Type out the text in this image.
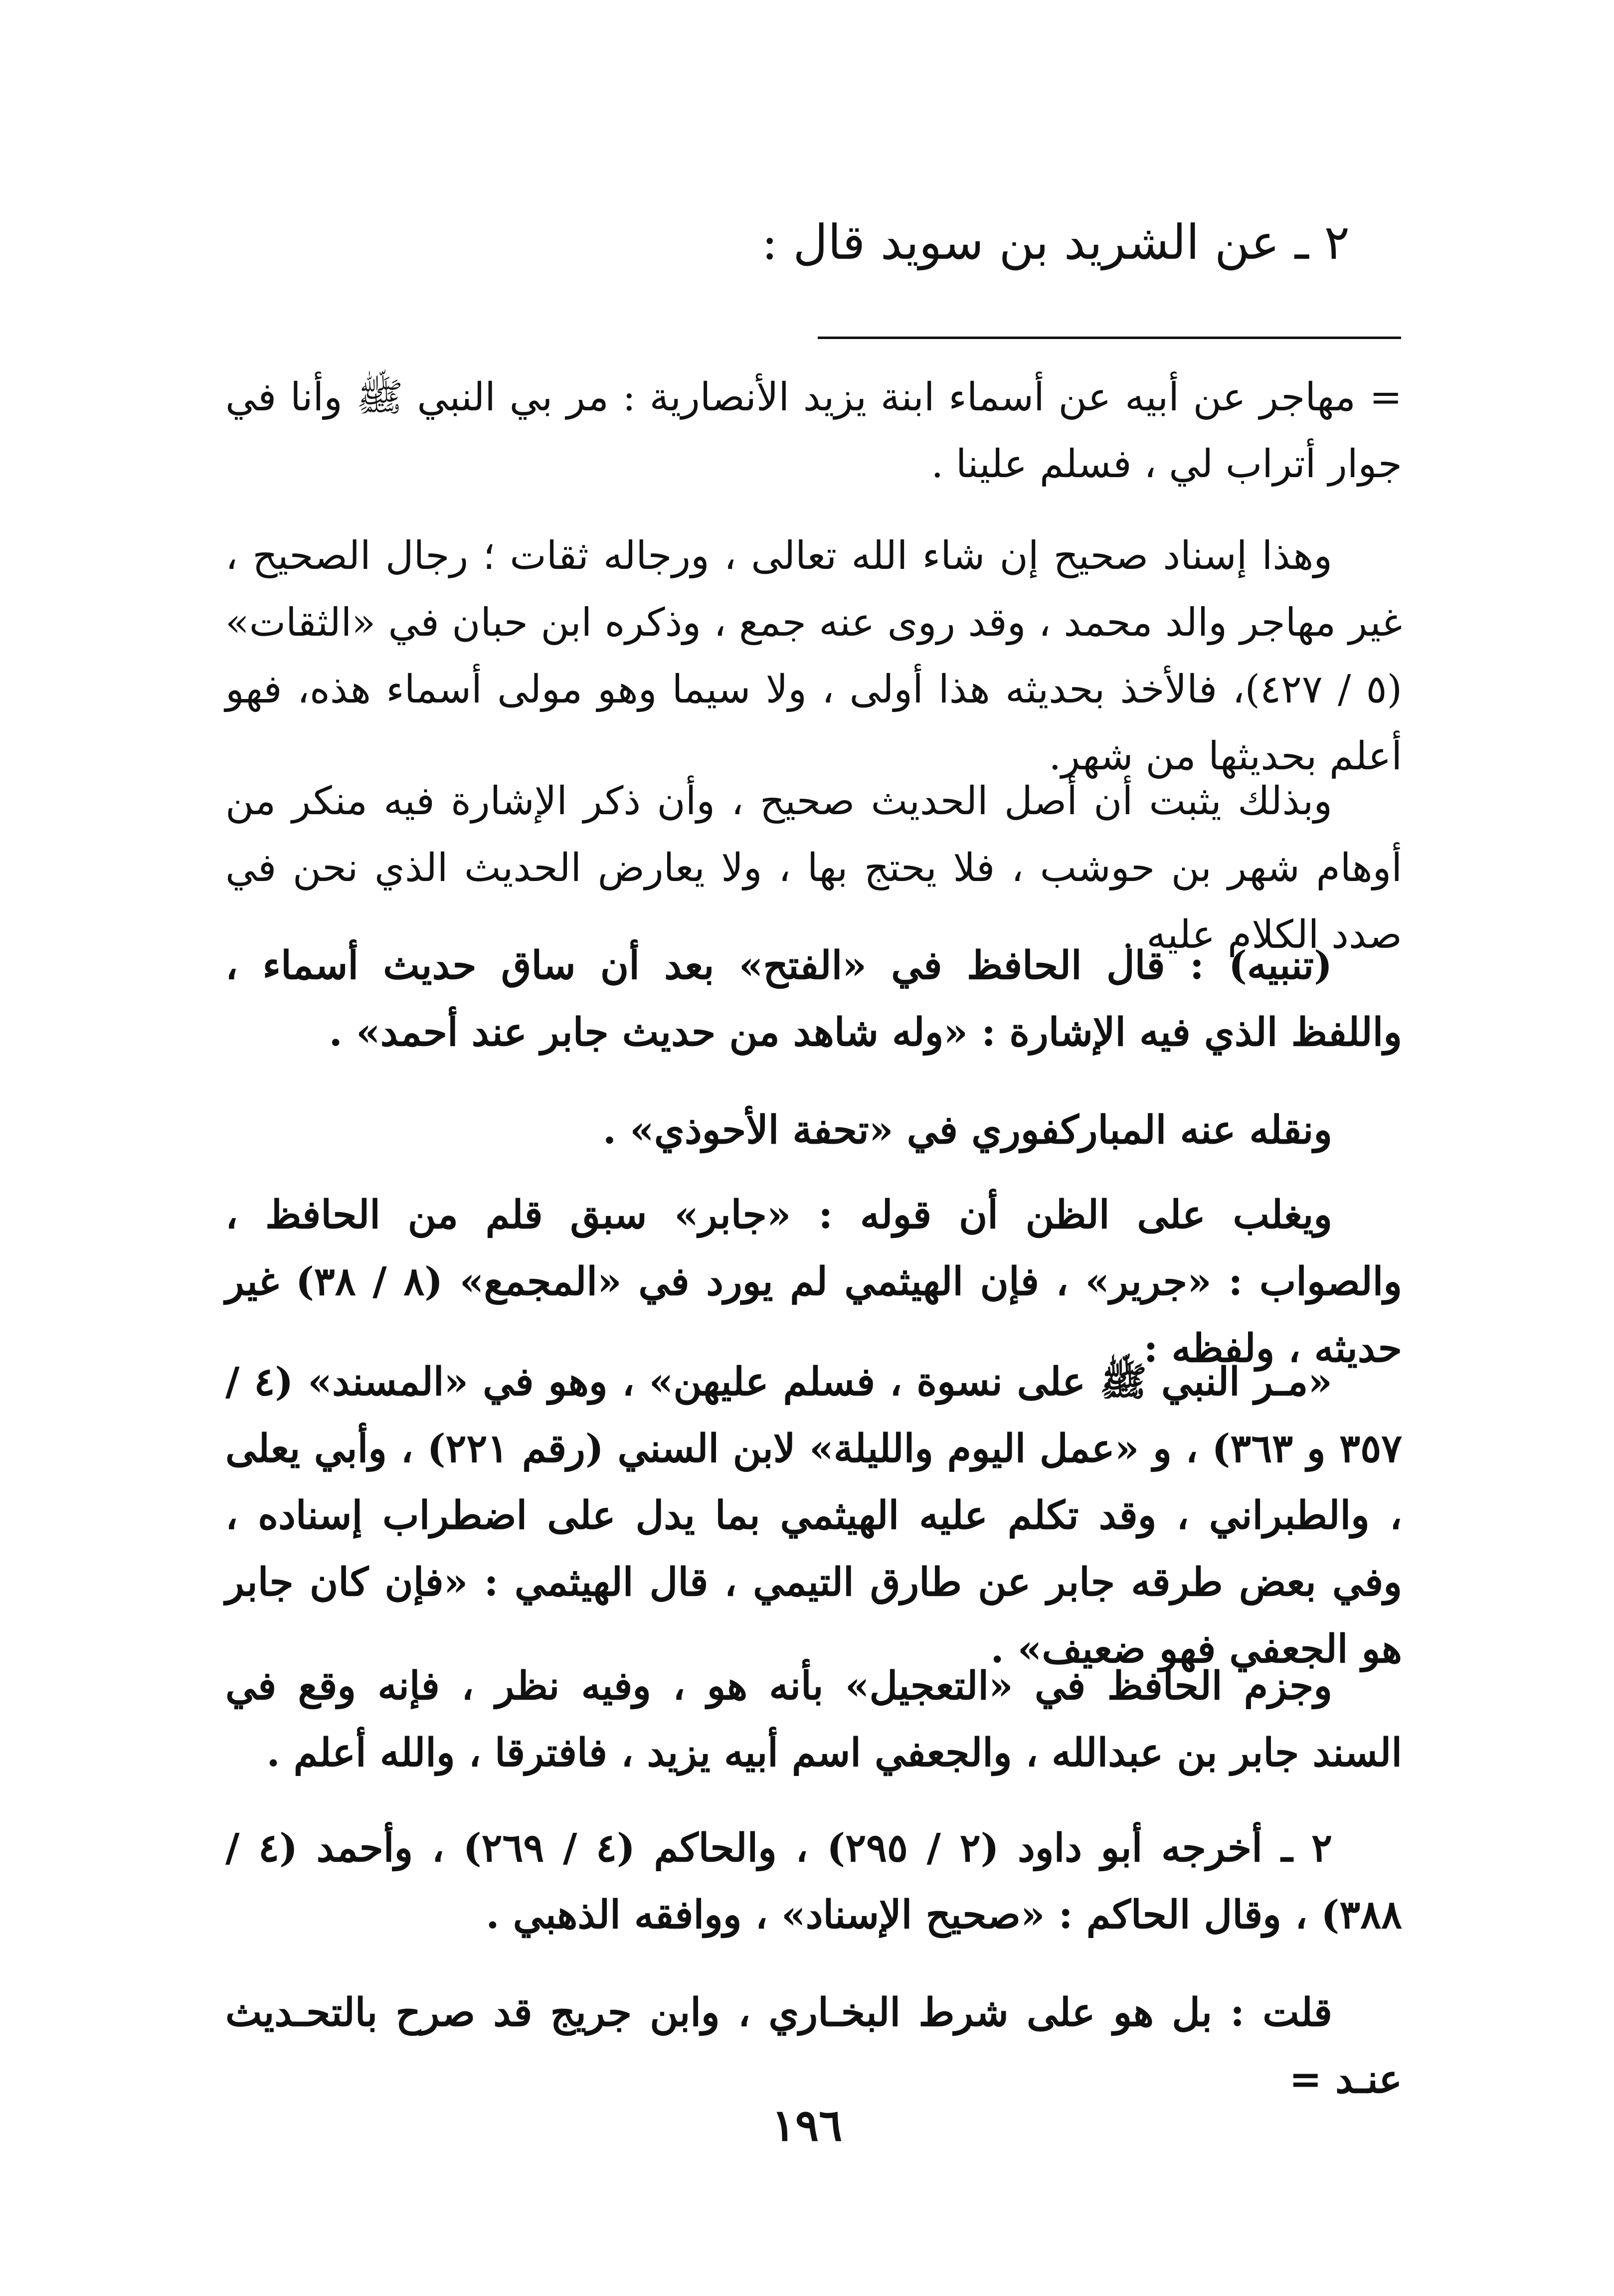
٢ ـ عن الشريد بن سويد قال :

= مهاجر عن أبيه عن أسماء ابنة يزيد الأنصارية : مر بي النبي ﷺ وأنا في جوار أتراب لي ، فسلم علينا .

وهذا إسناد صحيح إن شاء الله تعالى ، ورجاله ثقات ؛ رجال الصحيح ، غير مهاجر والد محمد ، وقد روى عنه جمع ، وذكره ابن حبان في «الثقات» (٥ / ٤٢٧)، فالأخذ بحديثه هذا أولى ، ولا سيما وهو مولى أسماء هذه، فهو أعلم بحديثها من شهر.

وبذلك يثبت أن أصل الحديث صحيح ، وأن ذكر الإشارة فيه منكر من أوهام شهر بن حوشب ، فلا يحتج بها ، ولا يعارض الحديث الذي نحن في صدد الكلام عليه .

(تنبيه) : قال الحافظ في «الفتح» بعد أن ساق حديث أسماء ، واللفظ الذي فيه الإشارة : «وله شاهد من حديث جابر عند أحمد» .

ونقله عنه المباركفوري في «تحفة الأحوذي» .

ويغلب على الظن أن قوله : «جابر» سبق قلم من الحافظ ، والصواب : «جرير» ، فإن الهيثمي لم يورد في «المجمع» (٨ / ٣٨) غير حديثه ، ولفظه :

«مـر النبي ﷺ على نسوة ، فسلم عليهن» ، وهو في «المسند» (٤ / ٣٥٧ و ٣٦٣) ، و «عمل اليوم والليلة» لابن السني (رقم ٢٢١) ، وأبي يعلى ، والطبراني ، وقد تكلم عليه الهيثمي بما يدل على اضطراب إسناده ، وفي بعض طرقه جابر عن طارق التيمي ، قال الهيثمي : «فإن كان جابر هو الجعفي فهو ضعيف» .

وجزم الحافظ في «التعجيل» بأنه هو ، وفيه نظر ، فإنه وقع في السند جابر بن عبدالله ، والجعفي اسم أبيه يزيد ، فافترقا ، والله أعلم .

٢ ـ أخرجه أبو داود (٢ / ٢٩٥) ، والحاكم (٤ / ٢٦٩) ، وأحمد (٤ / ٣٨٨) ، وقال الحاكم : «صحيح الإسناد» ، ووافقه الذهبي .

قلت : بل هو على شرط البخـاري ، وابن جريج قد صرح بالتحـديث عنـد =

١٩٦
